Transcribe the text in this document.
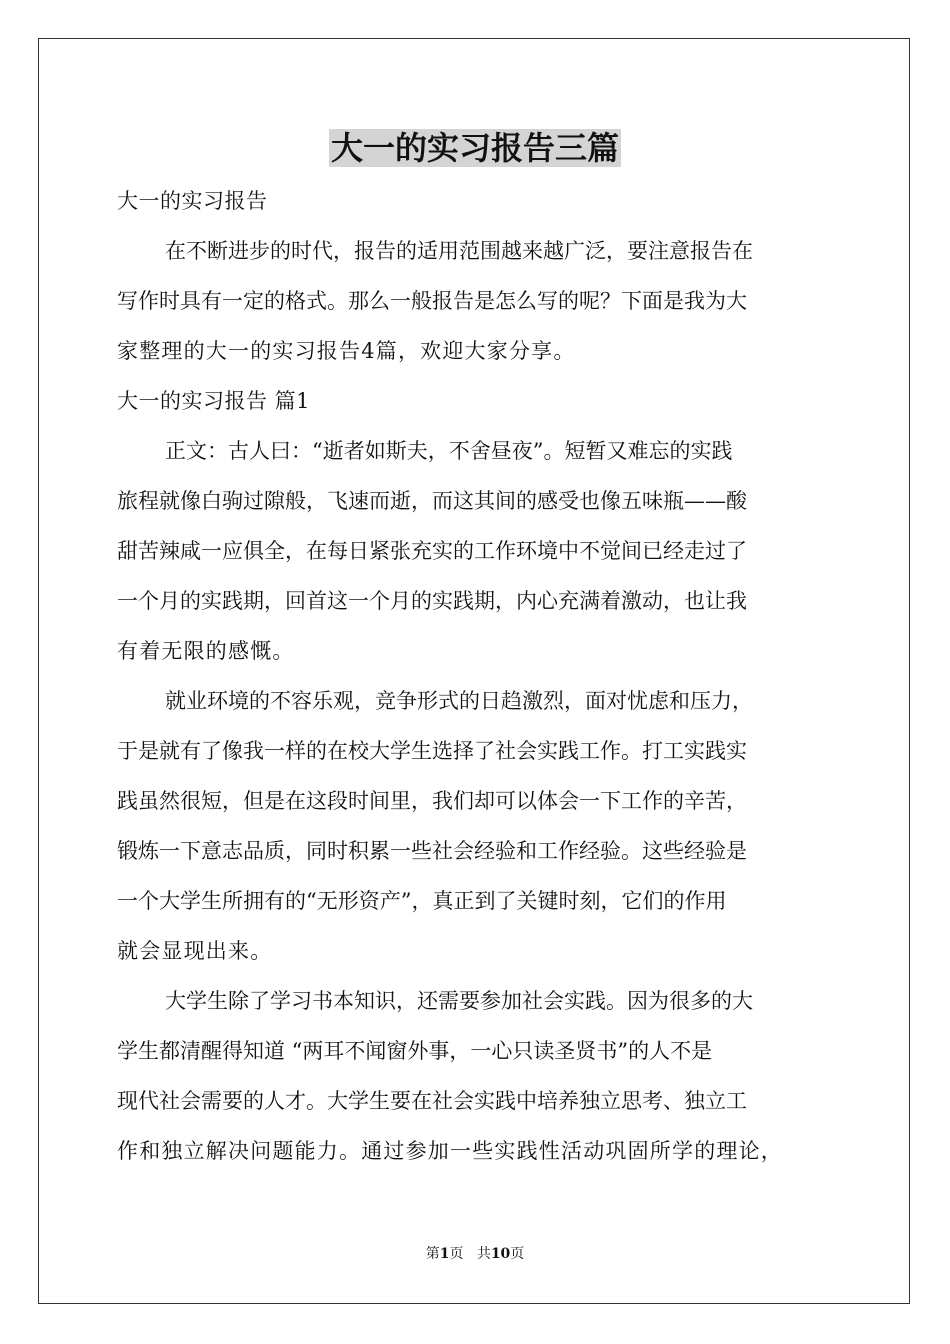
大一的实习报告三篇
大一的实习报告
在不断进步的时代，报告的适用范围越来越广泛，要注意报告在
写作时具有一定的格式。那么一般报告是怎么写的呢？下面是我为大
家整理的大一的实习报告4篇，欢迎大家分享。
大一的实习报告 篇1
正文：古人曰：“逝者如斯夫，不舍昼夜”。短暂又难忘的实践
旅程就像白驹过隙般，飞速而逝，而这其间的感受也像五味瓶——酸
甜苦辣咸一应俱全，在每日紧张充实的工作环境中不觉间已经走过了
一个月的实践期，回首这一个月的实践期，内心充满着激动，也让我
有着无限的感慨。
就业环境的不容乐观，竞争形式的日趋激烈，面对忧虑和压力，
于是就有了像我一样的在校大学生选择了社会实践工作。打工实践实
践虽然很短，但是在这段时间里，我们却可以体会一下工作的辛苦，
锻炼一下意志品质，同时积累一些社会经验和工作经验。这些经验是
一个大学生所拥有的“无形资产”，真正到了关键时刻，它们的作用
就会显现出来。
大学生除了学习书本知识，还需要参加社会实践。因为很多的大
学生都清醒得知道 “两耳不闻窗外事，一心只读圣贤书”的人不是
现代社会需要的人才。大学生要在社会实践中培养独立思考、独立工
作和独立解决问题能力。通过参加一些实践性活动巩固所学的理论，
第1页 共10页
